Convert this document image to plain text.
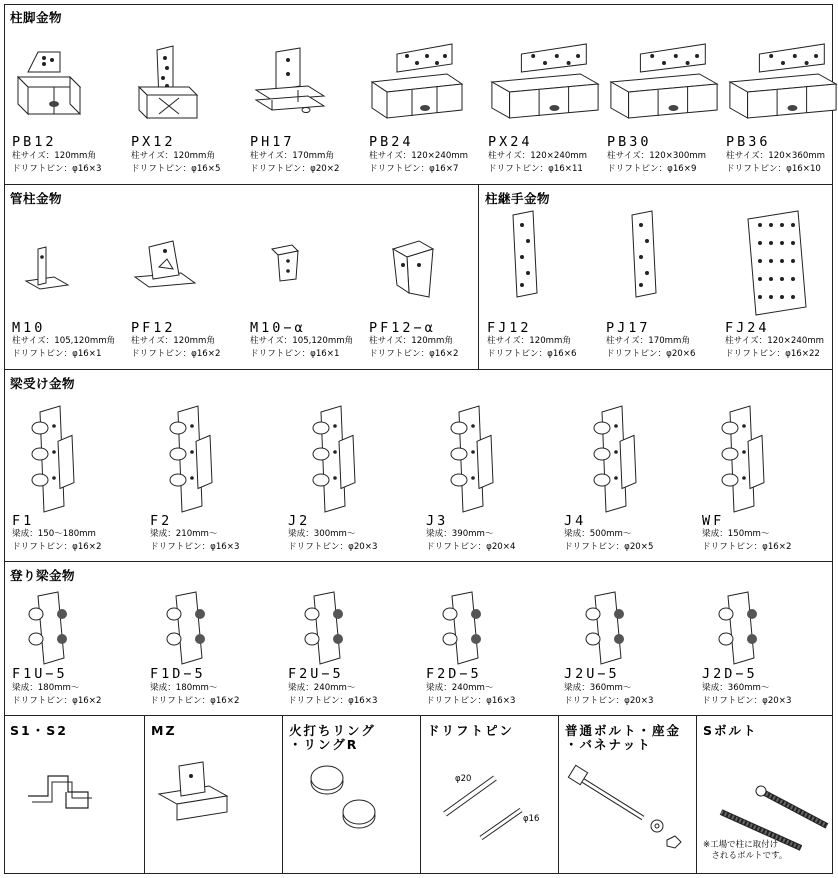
柱脚金物
PB12
柱サイズ：120mm角
ドリフトピン：φ16×3
PX12
柱サイズ：120mm角
ドリフトピン：φ16×5
PH17
柱サイズ：170mm角
ドリフトピン：φ20×2
PB24
柱サイズ：120×240mm
ドリフトピン：φ16×7
PX24
柱サイズ：120×240mm
ドリフトピン：φ16×11
PB30
柱サイズ：120×300mm
ドリフトピン：φ16×9
PB36
柱サイズ：120×360mm
ドリフトピン：φ16×10
管柱金物
M10
柱サイズ：105,120mm角
ドリフトピン：φ16×1
PF12
柱サイズ：120mm角
ドリフトピン：φ16×2
M10−α
柱サイズ：105,120mm角
ドリフトピン：φ16×1
PF12−α
柱サイズ：120mm角
ドリフトピン：φ16×2
柱継手金物
FJ12
柱サイズ：120mm角
ドリフトピン：φ16×6
PJ17
柱サイズ：170mm角
ドリフトピン：φ20×6
FJ24
柱サイズ：120×240mm
ドリフトピン：φ16×22
梁受け金物
F1
梁成：150〜180mm
ドリフトピン：φ16×2
F2
梁成：210mm〜
ドリフトピン：φ16×3
J2
梁成：300mm〜
ドリフトピン：φ20×3
J3
梁成：390mm〜
ドリフトピン：φ20×4
J4
梁成：500mm〜
ドリフトピン：φ20×5
WF
梁成：150mm〜
ドリフトピン：φ16×2
登り梁金物
F1U−5
梁成：180mm〜
ドリフトピン：φ16×2
F1D−5
梁成：180mm〜
ドリフトピン：φ16×2
F2U−5
梁成：240mm〜
ドリフトピン：φ16×3
F2D−5
梁成：240mm〜
ドリフトピン：φ16×3
J2U−5
梁成：360mm〜
ドリフトピン：φ20×3
J2D−5
梁成：360mm〜
ドリフトピン：φ20×3
S1・S2	MZ	火打ちリング
・リングR
ドリフトピン
φ20
φ16
普通ボルト・座金
・バネナット
Sボルト
※工場で柱に取付け
　されるボルトです。
